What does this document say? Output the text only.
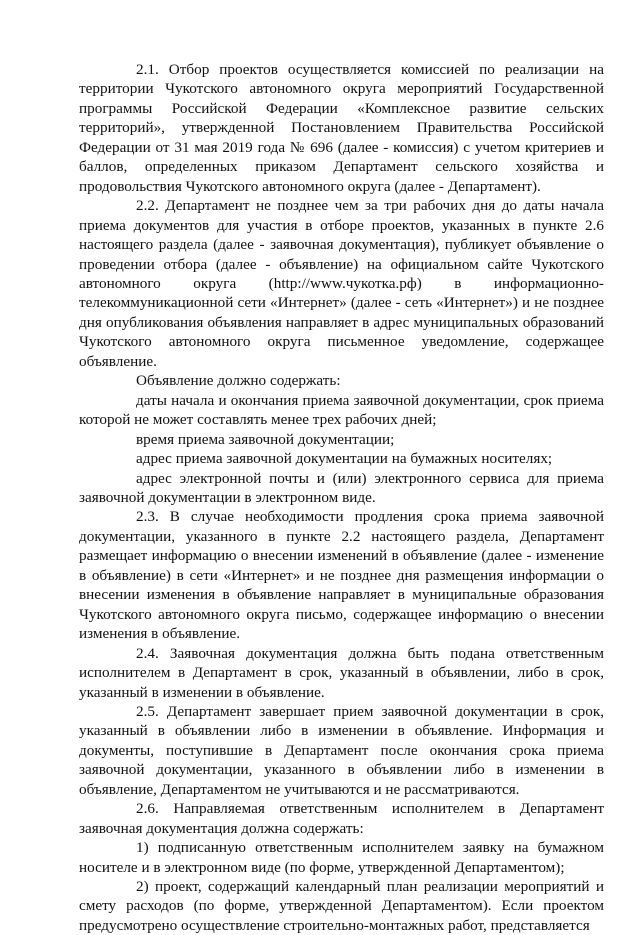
2.1. Отбор проектов осуществляется комиссией по реализации на территории Чукотского автономного округа мероприятий Государственной программы Российской Федерации «Комплексное развитие сельских территорий», утвержденной Постановлением Правительства Российской Федерации от 31 мая 2019 года № 696 (далее - комиссия) с учетом критериев и баллов, определенных приказом Департамент сельского хозяйства и продовольствия Чукотского автономного округа (далее - Департамент).

2.2. Департамент не позднее чем за три рабочих дня до даты начала приема документов для участия в отборе проектов, указанных в пункте 2.6 настоящего раздела (далее - заявочная документация), публикует объявление о проведении отбора (далее - объявление) на официальном сайте Чукотского автономного округа (http://www.чукотка.рф) в информационно-телекоммуникационной сети «Интернет» (далее - сеть «Интернет») и не позднее дня опубликования объявления направляет в адрес муниципальных образований Чукотского автономного округа письменное уведомление, содержащее объявление.

Объявление должно содержать:

даты начала и окончания приема заявочной документации, срок приема которой не может составлять менее трех рабочих дней;

время приема заявочной документации;

адрес приема заявочной документации на бумажных носителях;

адрес электронной почты и (или) электронного сервиса для приема заявочной документации в электронном виде.

2.3. В случае необходимости продления срока приема заявочной документации, указанного в пункте 2.2 настоящего раздела, Департамент размещает информацию о внесении изменений в объявление (далее - изменение в объявление) в сети «Интернет» и не позднее дня размещения информации о внесении изменения в объявление направляет в муниципальные образования Чукотского автономного округа письмо, содержащее информацию о внесении изменения в объявление.

2.4. Заявочная документация должна быть подана ответственным исполнителем в Департамент в срок, указанный в объявлении, либо в срок, указанный в изменении в объявление.

2.5. Департамент завершает прием заявочной документации в срок, указанный в объявлении либо в изменении в объявление. Информация и документы, поступившие в Департамент после окончания срока приема заявочной документации, указанного в объявлении либо в изменении в объявление, Департаментом не учитываются и не рассматриваются.

2.6. Направляемая ответственным исполнителем в Департамент заявочная документация должна содержать:

1) подписанную ответственным исполнителем заявку на бумажном носителе и в электронном виде (по форме, утвержденной Департаментом);

2) проект, содержащий календарный план реализации мероприятий и смету расходов (по форме, утвержденной Департаментом). Если проектом предусмотрено осуществление строительно-монтажных работ, представляется
